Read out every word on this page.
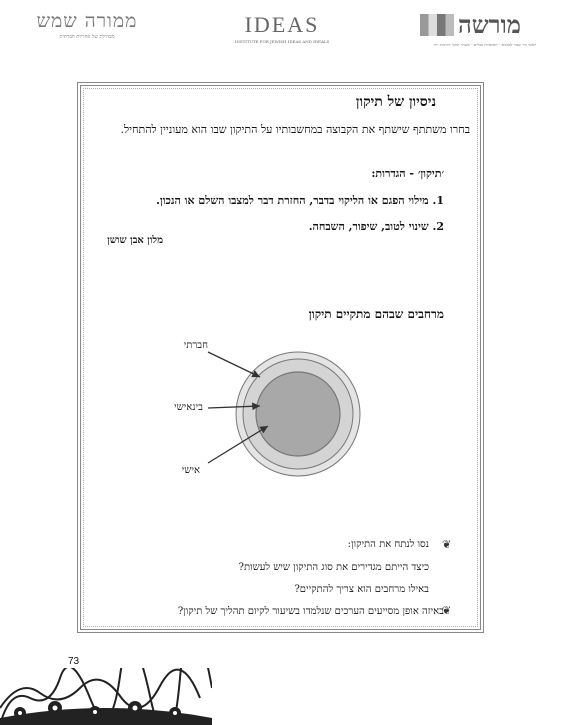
ממורה שמש
מכהילת של אחריות חברתית	IDEAS
INSTITUTE FOR JEWISH IDEAS AND IDEALS
מורשה
ראשי נח׳ שמר לכאנים - המוסדות בכלים - משרד ההכי ותרבות ו״ה
ניסיון של תיקון
בחרו משתתף שישתף את הקבוצה במחשבותיו על התיקון שבו הוא מעוניין להתחיל.
׳תיקון׳ - הגדרות:
1. מילוי הפגם או הליקוי בדבר, החזרת דבר למצבו השלם או הנכון.
2. שינוי לטוב, שיפור, השבחה.
מלון אבן שושן
מרחבים שבהם מתקיים תיקון
חברתי
בינאישי
אישי
❦
נסו לנתח את התיקון:
כיצד הייתם מגדירים את סוג התיקון שיש לעשות?
באילו מרחבים הוא צריך להתקיים?
❦
באיזה אופן מסייעים הערכים שנלמדו בשיעור לקיום תהליך של תיקון?
73
